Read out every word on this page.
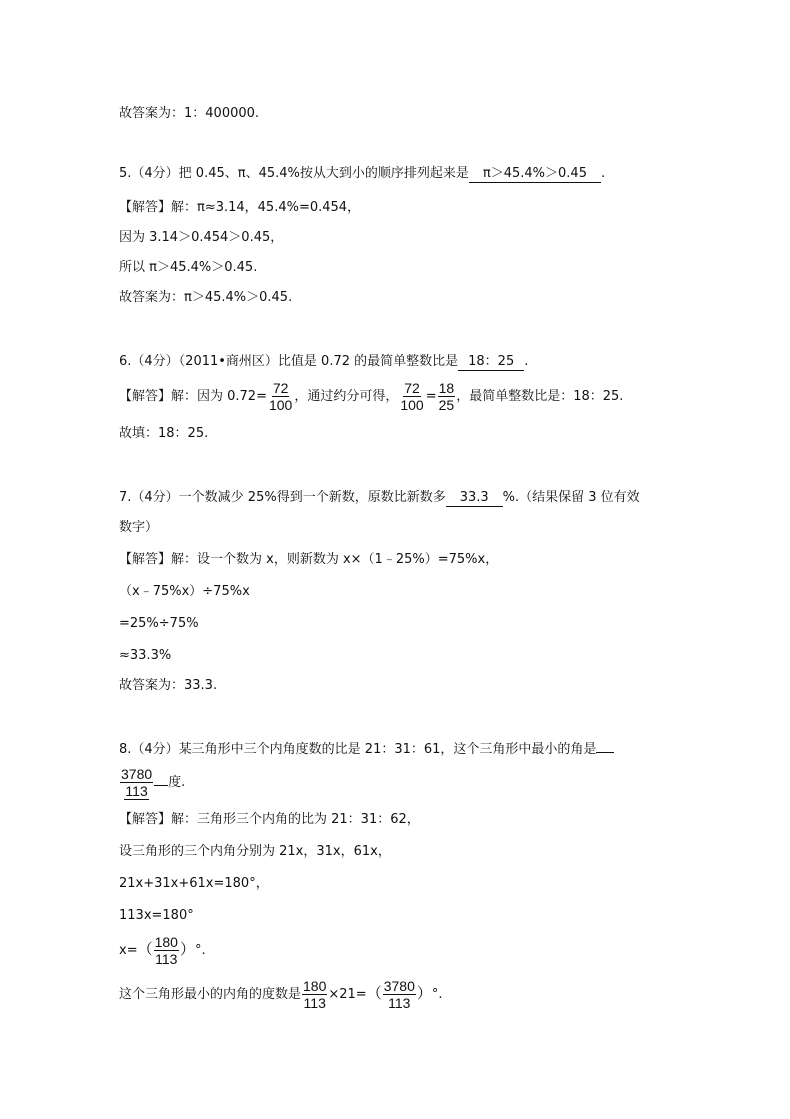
故答案为：1：400000.
5.（4分）把 0.45、π、45.4%按从大到小的顺序排列起来是 π＞45.4%＞0.45 .
【解答】解：π≈3.14，45.4%=0.454，
因为 3.14＞0.454＞0.45，
所以 π＞45.4%＞0.45.
故答案为：π＞45.4%＞0.45.
6.（4分）（2011•商州区）比值是 0.72 的最简单整数比是 18：25 .
【解答】解：因为 $0.72= \frac{72}{100}$ ，通过约分可得， $\frac{72}{100} = \frac{18}{25}$ ，最简单整数比是：18：25.
故填：18：25.
7.（4分）一个数减少 25%得到一个新数，原数比新数多 33.3 %.（结果保留 3 位有效
数字）
【解答】解：设一个数为 x，则新数为 x×（1﹣25%）=75%x，
（x﹣75%x）÷75%x
=25%÷75%
≈33.3%
故答案为：33.3.
8.（4分）某三角形中三个内角度数的比是 21：31：61，这个三角形中最小的角是
$\frac{3780}{113}$ 度.
【解答】解：三角形三个内角的比为 21：31：62，
设三角形的三个内角分别为 21x，31x，61x，
21x+31x+61x=180°，
113x=180°
$x=( \frac{180}{113}$ ）°.
这个三角形最小的内角的度数是 $\frac{180}{113} \times 21=( \frac{3780}{113}$ ）°.
